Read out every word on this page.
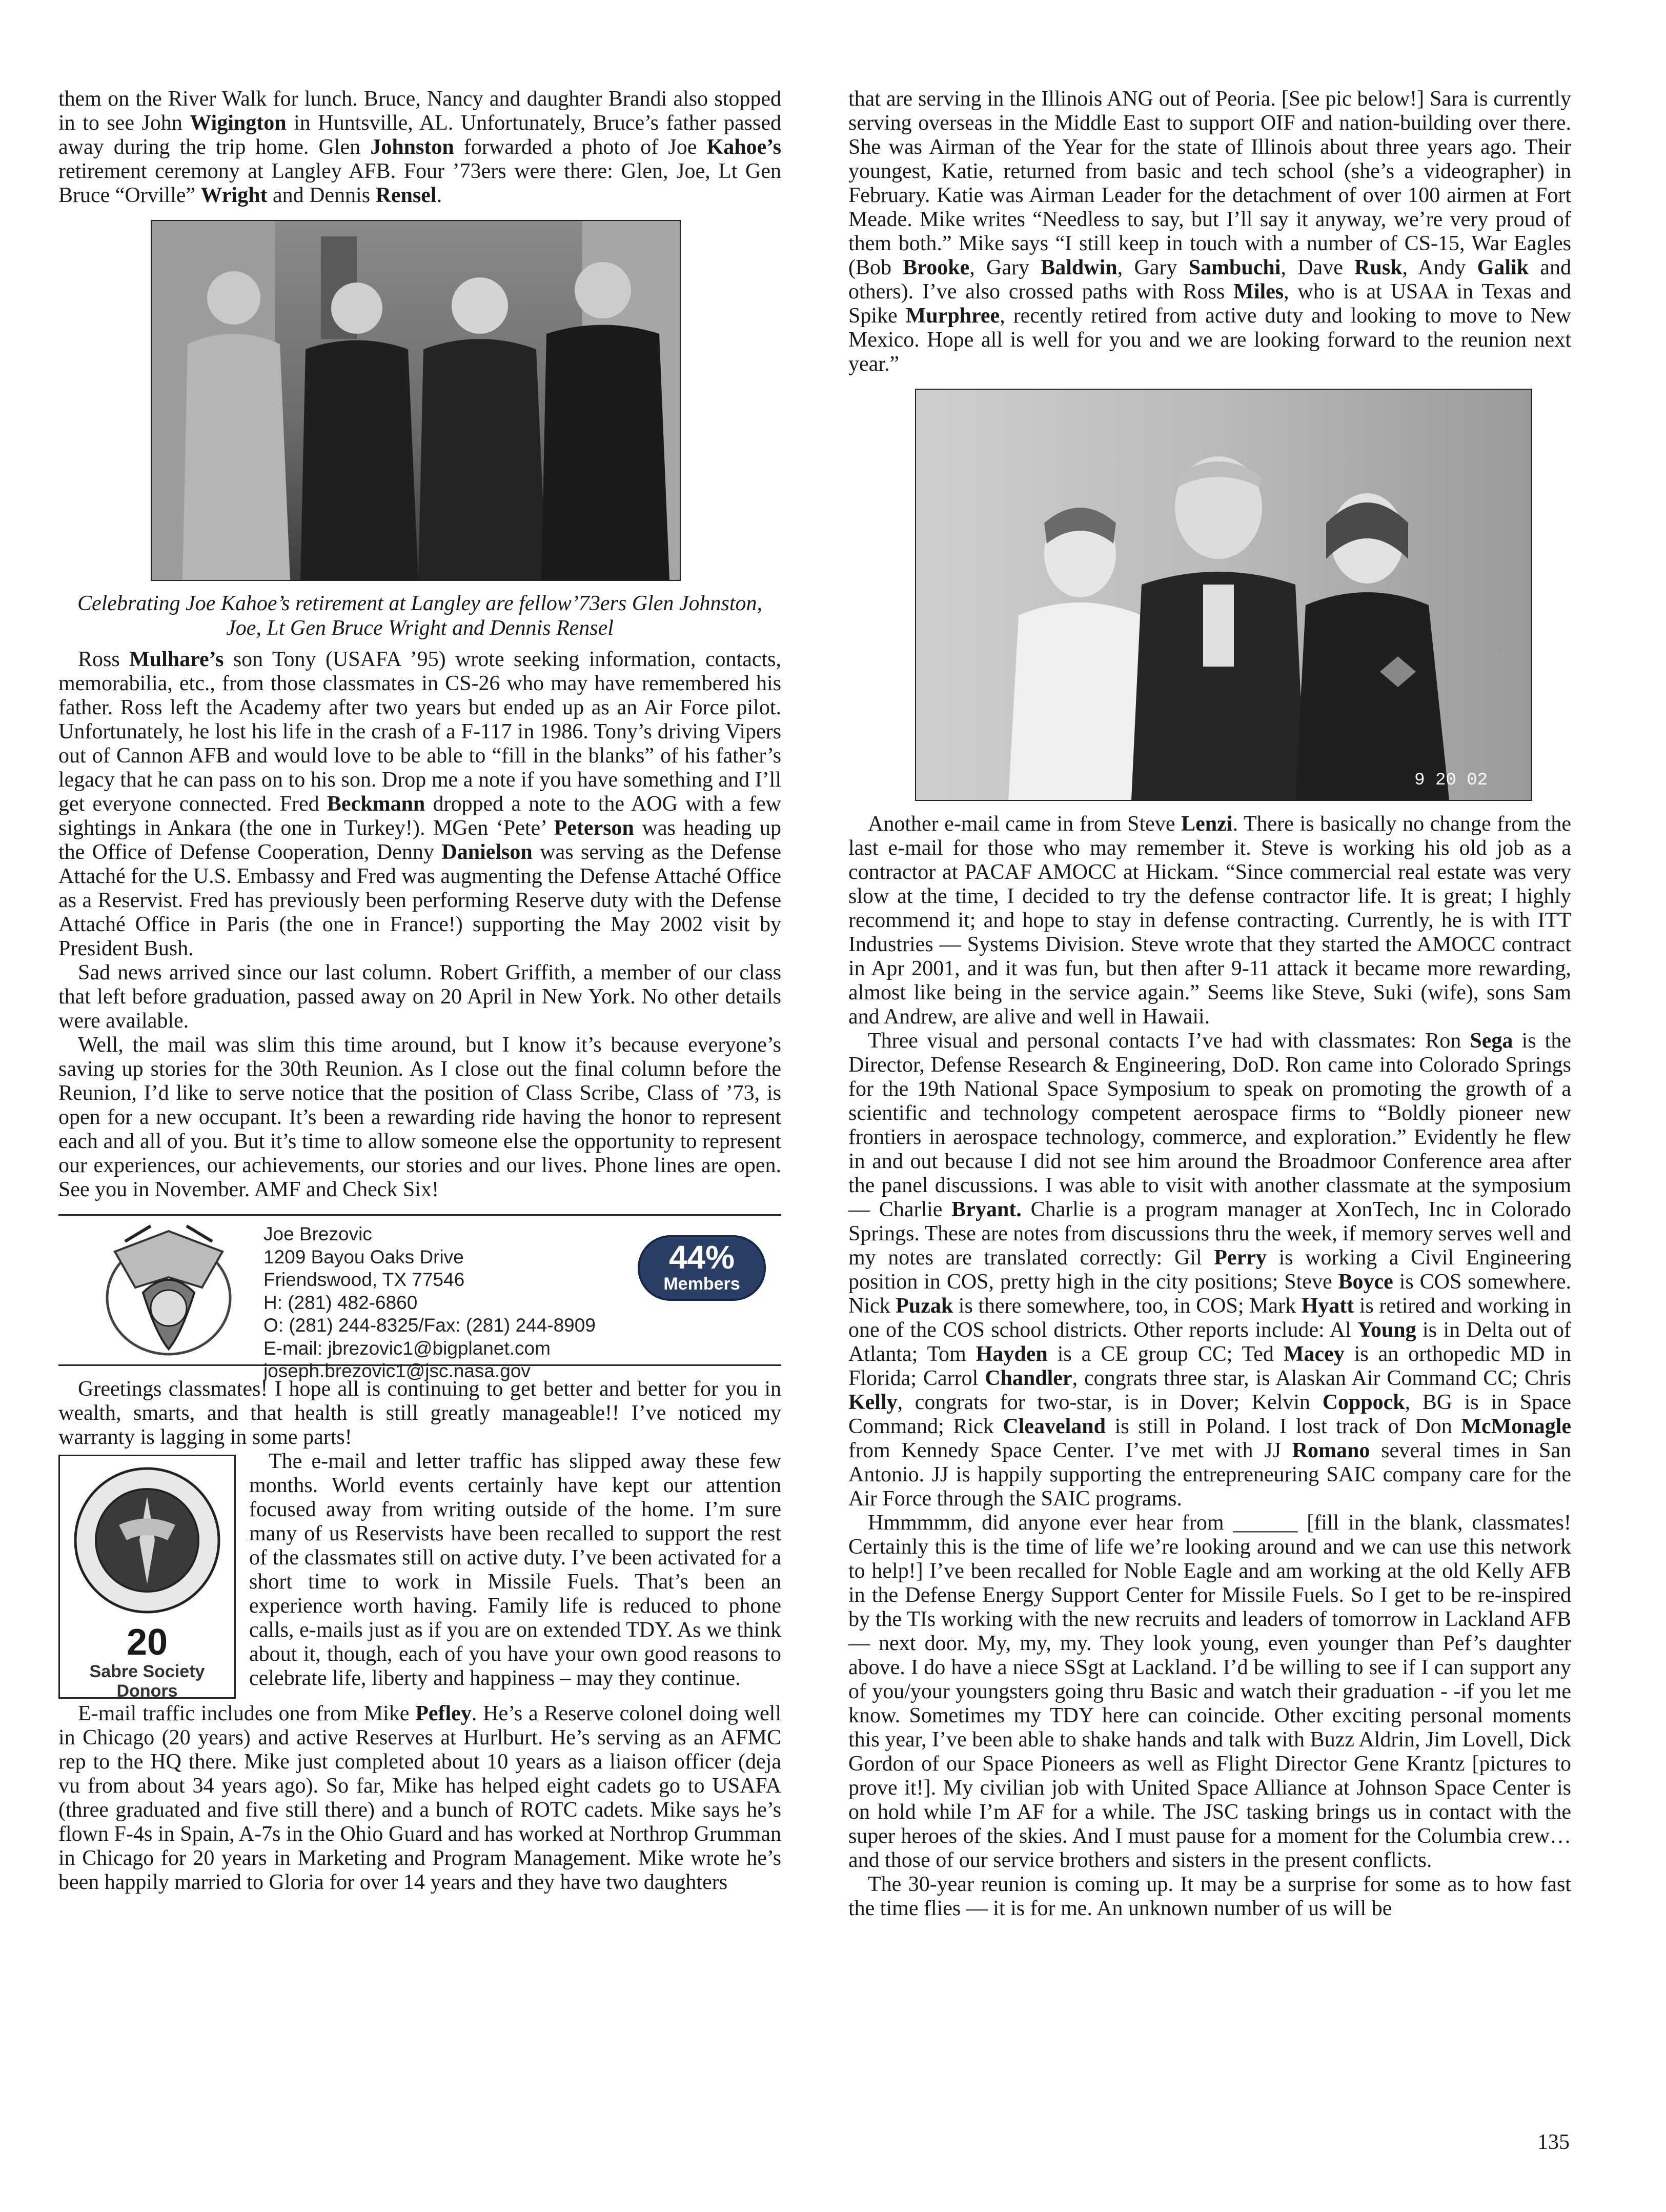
them on the River Walk for lunch. Bruce, Nancy and daughter Brandi also stopped in to see John Wigington in Huntsville, AL. Unfortunately, Bruce’s father passed away during the trip home. Glen Johnston forwarded a photo of Joe Kahoe’s retirement ceremony at Langley AFB. Four ’73ers were there: Glen, Joe, Lt Gen Bruce “Orville” Wright and Dennis Rensel.

Celebrating Joe Kahoe’s retirement at Langley are fellow’73ers Glen Johnston, Joe, Lt Gen Bruce Wright and Dennis Rensel

Ross Mulhare’s son Tony (USAFA ’95) wrote seeking information, contacts, memorabilia, etc., from those classmates in CS-26 who may have remembered his father. Ross left the Academy after two years but ended up as an Air Force pilot. Unfortunately, he lost his life in the crash of a F-117 in 1986. Tony’s driving Vipers out of Cannon AFB and would love to be able to “fill in the blanks” of his father’s legacy that he can pass on to his son. Drop me a note if you have something and I’ll get everyone connected. Fred Beckmann dropped a note to the AOG with a few sightings in Ankara (the one in Turkey!). MGen ‘Pete’ Peterson was heading up the Office of Defense Cooperation, Denny Danielson was serving as the Defense Attaché for the U.S. Embassy and Fred was augmenting the Defense Attaché Office as a Reservist. Fred has previously been performing Reserve duty with the Defense Attaché Office in Paris (the one in France!) supporting the May 2002 visit by President Bush.

Sad news arrived since our last column. Robert Griffith, a member of our class that left before graduation, passed away on 20 April in New York. No other details were available.

Well, the mail was slim this time around, but I know it’s because everyone’s saving up stories for the 30th Reunion. As I close out the final column before the Reunion, I’d like to serve notice that the position of Class Scribe, Class of ’73, is open for a new occupant. It’s been a rewarding ride having the honor to represent each and all of you. But it’s time to allow someone else the opportunity to represent our experiences, our achievements, our stories and our lives. Phone lines are open. See you in November. AMF and Check Six!

Joe Brezovic
1209 Bayou Oaks Drive
Friendswood, TX 77546
H: (281) 482-6860
O: (281) 244-8325/Fax: (281) 244-8909
E-mail: jbrezovic1@bigplanet.com
joseph.brezovic1@jsc.nasa.gov
44%
Members

Greetings classmates! I hope all is continuing to get better and better for you in wealth, smarts, and that health is still greatly manageable!! I’ve noticed my warranty is lagging in some parts!

20
Sabre Society
Donors

The e-mail and letter traffic has slipped away these few months. World events certainly have kept our attention focused away from writing outside of the home. I’m sure many of us Reservists have been recalled to support the rest of the classmates still on active duty. I’ve been activated for a short time to work in Missile Fuels. That’s been an experience worth having. Family life is reduced to phone calls, e-mails just as if you are on extended TDY. As we think about it, though, each of you have your own good reasons to celebrate life, liberty and happiness – may they continue.

E-mail traffic includes one from Mike Pefley. He’s a Reserve colonel doing well in Chicago (20 years) and active Reserves at Hurlburt. He’s serving as an AFMC rep to the HQ there. Mike just completed about 10 years as a liaison officer (deja vu from about 34 years ago). So far, Mike has helped eight cadets go to USAFA (three graduated and five still there) and a bunch of ROTC cadets. Mike says he’s flown F-4s in Spain, A-7s in the Ohio Guard and has worked at Northrop Grumman in Chicago for 20 years in Marketing and Program Management. Mike wrote he’s been happily married to Gloria for over 14 years and they have two daughters

that are serving in the Illinois ANG out of Peoria. [See pic below!] Sara is currently serving overseas in the Middle East to support OIF and nation-building over there. She was Airman of the Year for the state of Illinois about three years ago. Their youngest, Katie, returned from basic and tech school (she’s a videographer) in February. Katie was Airman Leader for the detachment of over 100 airmen at Fort Meade. Mike writes “Needless to say, but I’ll say it anyway, we’re very proud of them both.” Mike says “I still keep in touch with a number of CS-15, War Eagles (Bob Brooke, Gary Baldwin, Gary Sambuchi, Dave Rusk, Andy Galik and others). I’ve also crossed paths with Ross Miles, who is at USAA in Texas and Spike Murphree, recently retired from active duty and looking to move to New Mexico. Hope all is well for you and we are looking forward to the reunion next year.”

9 20 02

Another e-mail came in from Steve Lenzi. There is basically no change from the last e-mail for those who may remember it. Steve is working his old job as a contractor at PACAF AMOCC at Hickam. “Since commercial real estate was very slow at the time, I decided to try the defense contractor life. It is great; I highly recommend it; and hope to stay in defense contracting. Currently, he is with ITT Industries — Systems Division. Steve wrote that they started the AMOCC contract in Apr 2001, and it was fun, but then after 9-11 attack it became more rewarding, almost like being in the service again.” Seems like Steve, Suki (wife), sons Sam and Andrew, are alive and well in Hawaii.

Three visual and personal contacts I’ve had with classmates: Ron Sega is the Director, Defense Research & Engineering, DoD. Ron came into Colorado Springs for the 19th National Space Symposium to speak on promoting the growth of a scientific and technology competent aerospace firms to “Boldly pioneer new frontiers in aerospace technology, commerce, and exploration.” Evidently he flew in and out because I did not see him around the Broadmoor Conference area after the panel discussions. I was able to visit with another classmate at the symposium — Charlie Bryant. Charlie is a program manager at XonTech, Inc in Colorado Springs. These are notes from discussions thru the week, if memory serves well and my notes are translated correctly: Gil Perry is working a Civil Engineering position in COS, pretty high in the city positions; Steve Boyce is COS somewhere. Nick Puzak is there somewhere, too, in COS; Mark Hyatt is retired and working in one of the COS school districts. Other reports include: Al Young is in Delta out of Atlanta; Tom Hayden is a CE group CC; Ted Macey is an orthopedic MD in Florida; Carrol Chandler, congrats three star, is Alaskan Air Command CC; Chris Kelly, congrats for two-star, is in Dover; Kelvin Coppock, BG is in Space Command; Rick Cleaveland is still in Poland. I lost track of Don McMonagle from Kennedy Space Center. I’ve met with JJ Romano several times in San Antonio. JJ is happily supporting the entrepreneuring SAIC company care for the Air Force through the SAIC programs.

Hmmmmm, did anyone ever hear from ______ [fill in the blank, classmates! Certainly this is the time of life we’re looking around and we can use this network to help!] I’ve been recalled for Noble Eagle and am working at the old Kelly AFB in the Defense Energy Support Center for Missile Fuels. So I get to be re-inspired by the TIs working with the new recruits and leaders of tomorrow in Lackland AFB — next door. My, my, my. They look young, even younger than Pef’s daughter above. I do have a niece SSgt at Lackland. I’d be willing to see if I can support any of you/your youngsters going thru Basic and watch their graduation - -if you let me know. Sometimes my TDY here can coincide. Other exciting personal moments this year, I’ve been able to shake hands and talk with Buzz Aldrin, Jim Lovell, Dick Gordon of our Space Pioneers as well as Flight Director Gene Krantz [pictures to prove it!]. My civilian job with United Space Alliance at Johnson Space Center is on hold while I’m AF for a while. The JSC tasking brings us in contact with the super heroes of the skies. And I must pause for a moment for the Columbia crew… and those of our service brothers and sisters in the present conflicts.

The 30-year reunion is coming up. It may be a surprise for some as to how fast the time flies — it is for me. An unknown number of us will be

135
